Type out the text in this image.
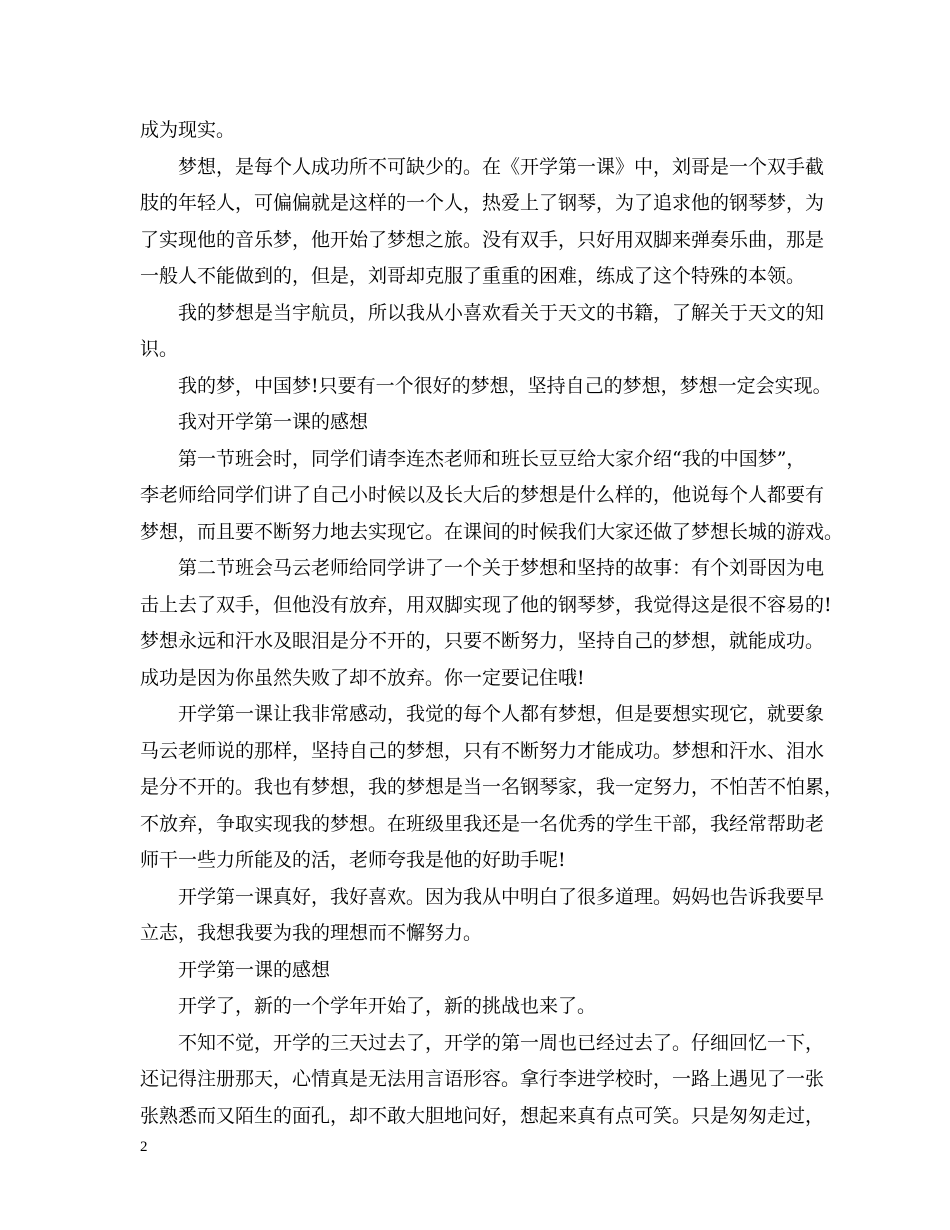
成为现实。
梦想，是每个人成功所不可缺少的。在《开学第一课》中，刘哥是一个双手截
肢的年轻人，可偏偏就是这样的一个人，热爱上了钢琴，为了追求他的钢琴梦，为
了实现他的音乐梦，他开始了梦想之旅。没有双手，只好用双脚来弹奏乐曲，那是
一般人不能做到的，但是，刘哥却克服了重重的困难，练成了这个特殊的本领。
我的梦想是当宇航员，所以我从小喜欢看关于天文的书籍，了解关于天文的知
识。
我的梦，中国梦!只要有一个很好的梦想，坚持自己的梦想，梦想一定会实现。
我对开学第一课的感想
第一节班会时，同学们请李连杰老师和班长豆豆给大家介绍“我的中国梦”，
李老师给同学们讲了自己小时候以及长大后的梦想是什么样的，他说每个人都要有
梦想，而且要不断努力地去实现它。在课间的时候我们大家还做了梦想长城的游戏。
第二节班会马云老师给同学讲了一个关于梦想和坚持的故事：有个刘哥因为电
击上去了双手，但他没有放弃，用双脚实现了他的钢琴梦，我觉得这是很不容易的!
梦想永远和汗水及眼泪是分不开的，只要不断努力，坚持自己的梦想，就能成功。
成功是因为你虽然失败了却不放弃。你一定要记住哦!
开学第一课让我非常感动，我觉的每个人都有梦想，但是要想实现它，就要象
马云老师说的那样，坚持自己的梦想，只有不断努力才能成功。梦想和汗水、泪水
是分不开的。我也有梦想，我的梦想是当一名钢琴家，我一定努力，不怕苦不怕累，
不放弃，争取实现我的梦想。在班级里我还是一名优秀的学生干部，我经常帮助老
师干一些力所能及的活，老师夸我是他的好助手呢!
开学第一课真好，我好喜欢。因为我从中明白了很多道理。妈妈也告诉我要早
立志，我想我要为我的理想而不懈努力。
开学第一课的感想
开学了，新的一个学年开始了，新的挑战也来了。
不知不觉，开学的三天过去了，开学的第一周也已经过去了。仔细回忆一下，
还记得注册那天，心情真是无法用言语形容。拿行李进学校时，一路上遇见了一张
张熟悉而又陌生的面孔，却不敢大胆地问好，想起来真有点可笑。只是匆匆走过，
2
